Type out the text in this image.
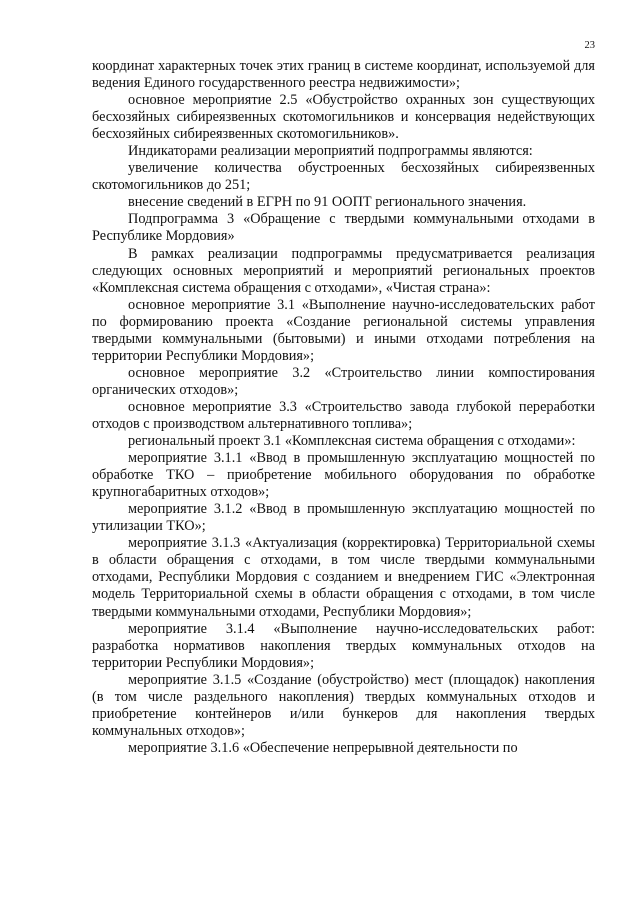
23

координат характерных точек этих границ в системе координат, используемой для ведения Единого государственного реестра недвижимости»;

основное мероприятие 2.5 «Обустройство охранных зон существующих бесхозяйных сибиреязвенных скотомогильников и консервация недействующих бесхозяйных сибиреязвенных скотомогильников».

Индикаторами реализации мероприятий подпрограммы являются:

увеличение количества обустроенных бесхозяйных сибиреязвенных скотомогильников до 251;

внесение сведений в ЕГРН по 91 ООПТ регионального значения.

Подпрограмма 3 «Обращение с твердыми коммунальными отходами в Республике Мордовия»

В рамках реализации подпрограммы предусматривается реализация следующих основных мероприятий и мероприятий региональных проектов «Комплексная система обращения с отходами», «Чистая страна»:

основное мероприятие 3.1 «Выполнение научно-исследовательских работ по формированию проекта «Создание региональной системы управления твердыми коммунальными (бытовыми) и иными отходами потребления на территории Республики Мордовия»;

основное мероприятие 3.2 «Строительство линии компостирования органических отходов»;

основное мероприятие 3.3 «Строительство завода глубокой переработки отходов с производством альтернативного топлива»;

региональный проект 3.1 «Комплексная система обращения с отходами»:

мероприятие 3.1.1 «Ввод в промышленную эксплуатацию мощностей по обработке ТКО – приобретение мобильного оборудования по обработке крупногабаритных отходов»;

мероприятие 3.1.2 «Ввод в промышленную эксплуатацию мощностей по утилизации ТКО»;

мероприятие 3.1.3 «Актуализация (корректировка) Территориальной схемы в области обращения с отходами, в том числе твердыми коммунальными отходами, Республики Мордовия с созданием и внедрением ГИС «Электронная модель Территориальной схемы в области обращения с отходами, в том числе твердыми коммунальными отходами, Республики Мордовия»;

мероприятие 3.1.4 «Выполнение научно-исследовательских работ: разработка нормативов накопления твердых коммунальных отходов на территории Республики Мордовия»;

мероприятие 3.1.5 «Создание (обустройство) мест (площадок) накопления (в том числе раздельного накопления) твердых коммунальных отходов и приобретение контейнеров и/или бункеров для накопления твердых коммунальных отходов»;

мероприятие 3.1.6 «Обеспечение непрерывной деятельности по
